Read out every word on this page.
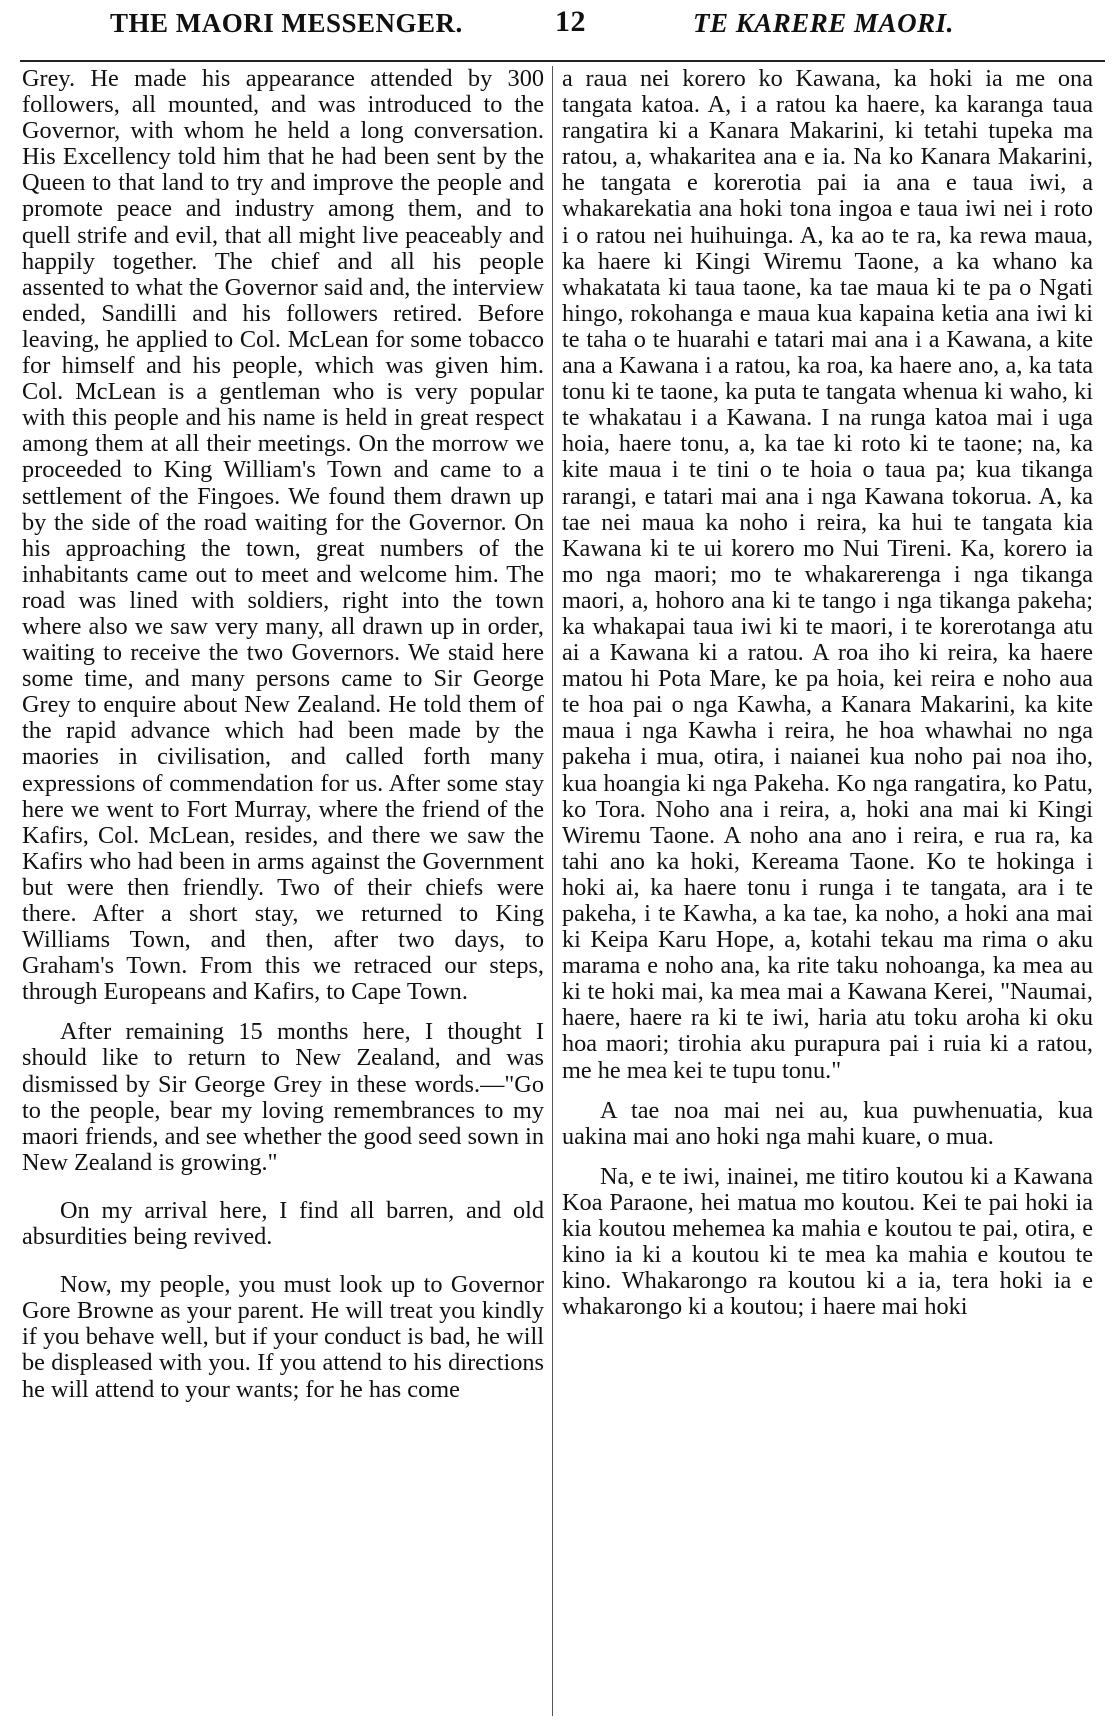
THE MAORI MESSENGER.	12	TE KARERE MAORI.

Grey. He made his appearance attended by 300 followers, all mounted, and was introduced to the Governor, with whom he held a long conversation. His Excellency told him that he had been sent by the Queen to that land to try and improve the people and promote peace and industry among them, and to quell strife and evil, that all might live peaceably and happily together. The chief and all his people assented to what the Governor said and, the interview ended, Sandilli and his followers retired. Before leaving, he applied to Col. McLean for some tobacco for himself and his people, which was given him. Col. McLean is a gentleman who is very popular with this people and his name is held in great respect among them at all their meetings. On the morrow we proceeded to King William's Town and came to a settlement of the Fingoes. We found them drawn up by the side of the road waiting for the Governor. On his approaching the town, great numbers of the inhabitants came out to meet and welcome him. The road was lined with soldiers, right into the town where also we saw very many, all drawn up in order, waiting to receive the two Governors. We staid here some time, and many persons came to Sir George Grey to enquire about New Zealand. He told them of the rapid advance which had been made by the maories in civilisation, and called forth many expressions of commendation for us. After some stay here we went to Fort Murray, where the friend of the Kafirs, Col. McLean, resides, and there we saw the Kafirs who had been in arms against the Government but were then friendly. Two of their chiefs were there. After a short stay, we returned to King Williams Town, and then, after two days, to Graham's Town. From this we retraced our steps, through Europeans and Kafirs, to Cape Town.

After remaining 15 months here, I thought I should like to return to New Zealand, and was dismissed by Sir George Grey in these words.—"Go to the people, bear my loving remembrances to my maori friends, and see whether the good seed sown in New Zealand is growing."

On my arrival here, I find all barren, and old absurdities being revived.

Now, my people, you must look up to Governor Gore Browne as your parent. He will treat you kindly if you behave well, but if your conduct is bad, he will be displeased with you. If you attend to his directions he will attend to your wants; for he has come

a raua nei korero ko Kawana, ka hoki ia me ona tangata katoa. A, i a ratou ka haere, ka karanga taua rangatira ki a Kanara Makarini, ki tetahi tupeka ma ratou, a, whakaritea ana e ia. Na ko Kanara Makarini, he tangata e korerotia pai ia ana e taua iwi, a whakarekatia ana hoki tona ingoa e taua iwi nei i roto i o ratou nei huihuinga. A, ka ao te ra, ka rewa maua, ka haere ki Kingi Wiremu Taone, a ka whano ka whakatata ki taua taone, ka tae maua ki te pa o Ngati hingo, rokohanga e maua kua kapaina ketia ana iwi ki te taha o te huarahi e tatari mai ana i a Kawana, a kite ana a Kawana i a ratou, ka roa, ka haere ano, a, ka tata tonu ki te taone, ka puta te tangata whenua ki waho, ki te whakatau i a Kawana. I na runga katoa mai i uga hoia, haere tonu, a, ka tae ki roto ki te taone; na, ka kite maua i te tini o te hoia o taua pa; kua tikanga rarangi, e tatari mai ana i nga Kawana tokorua. A, ka tae nei maua ka noho i reira, ka hui te tangata kia Kawana ki te ui korero mo Nui Tireni. Ka, korero ia mo nga maori; mo te whakarerenga i nga tikanga maori, a, hohoro ana ki te tango i nga tikanga pakeha; ka whakapai taua iwi ki te maori, i te korerotanga atu ai a Kawana ki a ratou. A roa iho ki reira, ka haere matou hi Pota Mare, ke pa hoia, kei reira e noho aua te hoa pai o nga Kawha, a Kanara Makarini, ka kite maua i nga Kawha i reira, he hoa whawhai no nga pakeha i mua, otira, i naianei kua noho pai noa iho, kua hoangia ki nga Pakeha. Ko nga rangatira, ko Patu, ko Tora. Noho ana i reira, a, hoki ana mai ki Kingi Wiremu Taone. A noho ana ano i reira, e rua ra, ka tahi ano ka hoki, Kereama Taone. Ko te hokinga i hoki ai, ka haere tonu i runga i te tangata, ara i te pakeha, i te Kawha, a ka tae, ka noho, a hoki ana mai ki Keipa Karu Hope, a, kotahi tekau ma rima o aku marama e noho ana, ka rite taku nohoanga, ka mea au ki te hoki mai, ka mea mai a Kawana Kerei, "Naumai, haere, haere ra ki te iwi, haria atu toku aroha ki oku hoa maori; tirohia aku purapura pai i ruia ki a ratou, me he mea kei te tupu tonu."

A tae noa mai nei au, kua puwhenuatia, kua uakina mai ano hoki nga mahi kuare, o mua.

Na, e te iwi, inainei, me titiro koutou ki a Kawana Koa Paraone, hei matua mo koutou. Kei te pai hoki ia kia koutou mehemea ka mahia e koutou te pai, otira, e kino ia ki a koutou ki te mea ka mahia e koutou te kino. Whakarongo ra koutou ki a ia, tera hoki ia e whakarongo ki a koutou; i haere mai hoki
